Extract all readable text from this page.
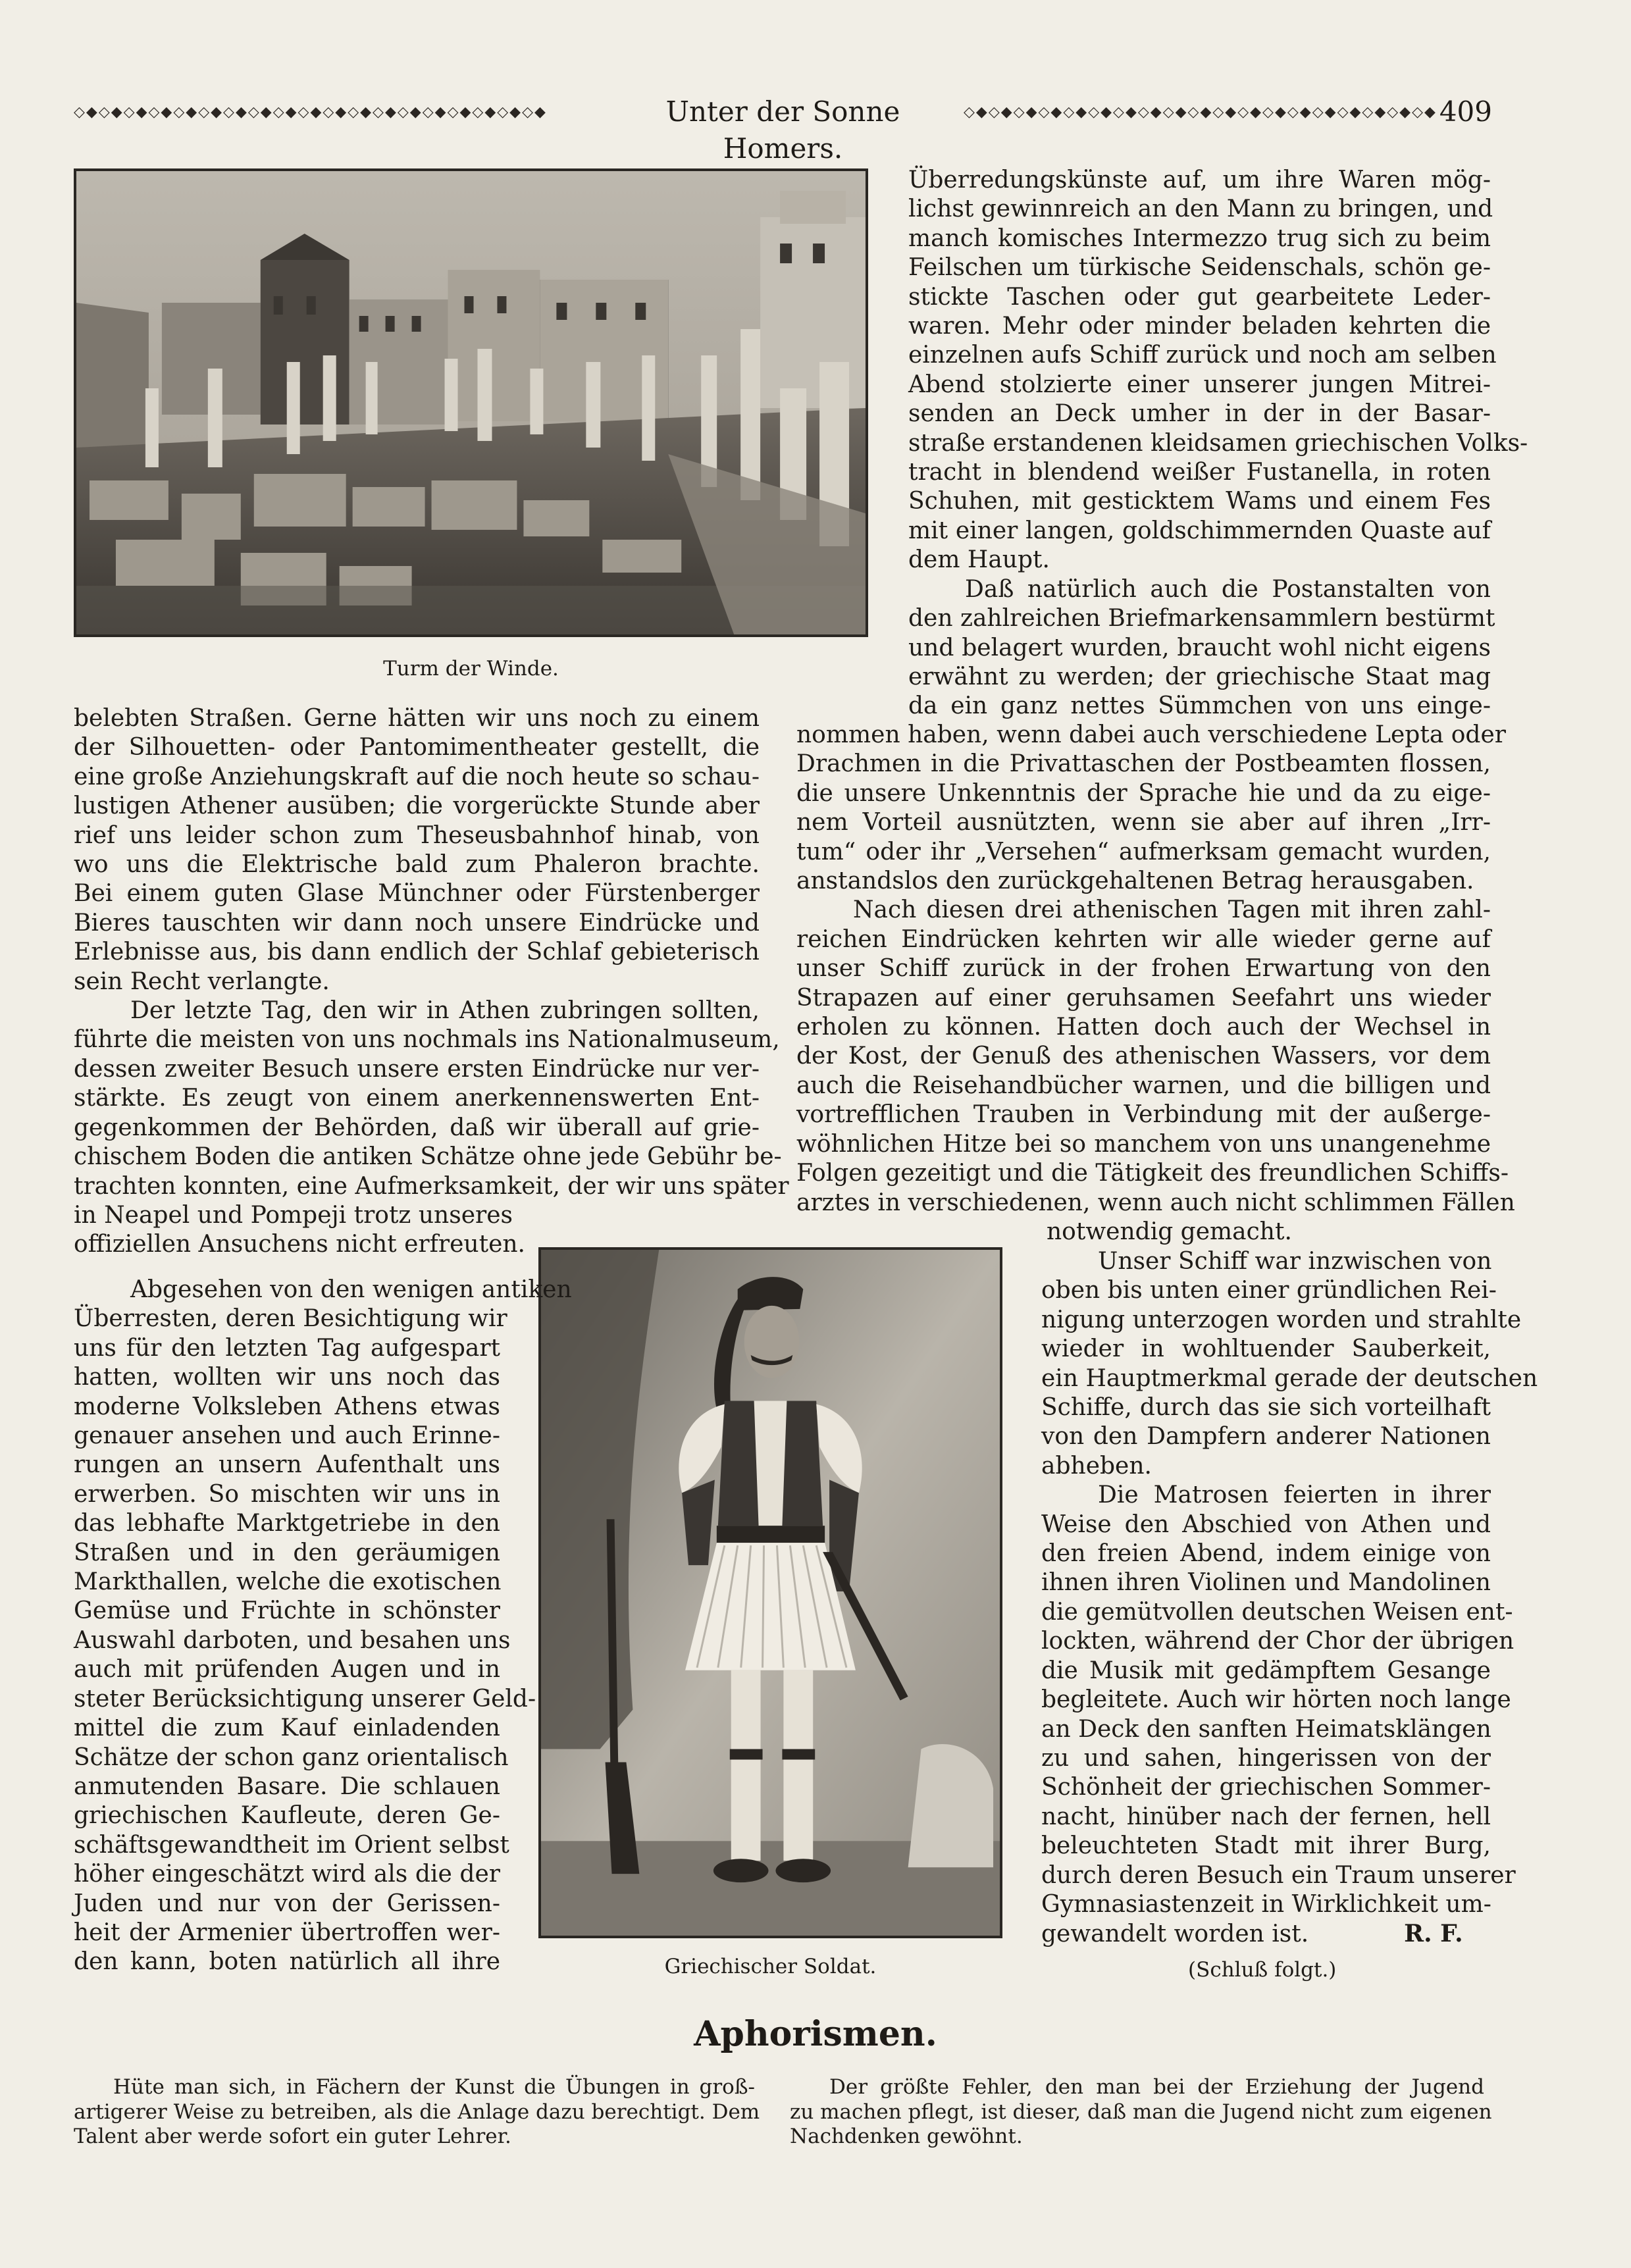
◇◆◇◆◇◆◇◆◇◆◇◆◇◆◇◆◇◆◇◆◇◆◇◆◇◆◇◆◇◆◇◆◇◆◇◆◇◆	Unter der Sonne Homers.
◇◆◇◆◇◆◇◆◇◆◇◆◇◆◇◆◇◆◇◆◇◆◇◆◇◆◇◆◇◆◇◆◇◆◇◆◇◆ 409
Turm der Winde.
Griechischer Soldat.

Überredungskünste auf, um ihre Waren mög-

lichst gewinnreich an den Mann zu bringen, und

manch komisches Intermezzo trug sich zu beim

Feilschen um türkische Seidenschals, schön ge-

stickte Taschen oder gut gearbeitete Leder-

waren. Mehr oder minder beladen kehrten die

einzelnen aufs Schiff zurück und noch am selben

Abend stolzierte einer unserer jungen Mitrei-

senden an Deck umher in der in der Basar-

straße erstandenen kleidsamen griechischen Volks-

tracht in blendend weißer Fustanella, in roten

Schuhen, mit gesticktem Wams und einem Fes

mit einer langen, goldschimmernden Quaste auf

dem Haupt.

Daß natürlich auch die Postanstalten von

den zahlreichen Briefmarkensammlern bestürmt

und belagert wurden, braucht wohl nicht eigens

erwähnt zu werden; der griechische Staat mag

da ein ganz nettes Sümmchen von uns einge-

belebten Straßen. Gerne hätten wir uns noch zu einem

der Silhouetten- oder Pantomimentheater gestellt, die

eine große Anziehungskraft auf die noch heute so schau-

lustigen Athener ausüben; die vorgerückte Stunde aber

rief uns leider schon zum Theseusbahnhof hinab, von

wo uns die Elektrische bald zum Phaleron brachte.

Bei einem guten Glase Münchner oder Fürstenberger

Bieres tauschten wir dann noch unsere Eindrücke und

Erlebnisse aus, bis dann endlich der Schlaf gebieterisch

sein Recht verlangte.

Der letzte Tag, den wir in Athen zubringen sollten,

führte die meisten von uns nochmals ins Nationalmuseum,

dessen zweiter Besuch unsere ersten Eindrücke nur ver-

stärkte. Es zeugt von einem anerkennenswerten Ent-

gegenkommen der Behörden, daß wir überall auf grie-

chischem Boden die antiken Schätze ohne jede Gebühr be-

trachten konnten, eine Aufmerksamkeit, der wir uns später

in Neapel und Pompeji trotz unseres

offiziellen Ansuchens nicht erfreuten.

nommen haben, wenn dabei auch verschiedene Lepta oder

Drachmen in die Privattaschen der Postbeamten flossen,

die unsere Unkenntnis der Sprache hie und da zu eige-

nem Vorteil ausnützten, wenn sie aber auf ihren „Irr-

tum“ oder ihr „Versehen“ aufmerksam gemacht wurden,

anstandslos den zurückgehaltenen Betrag herausgaben.

Nach diesen drei athenischen Tagen mit ihren zahl-

reichen Eindrücken kehrten wir alle wieder gerne auf

unser Schiff zurück in der frohen Erwartung von den

Strapazen auf einer geruhsamen Seefahrt uns wieder

erholen zu können. Hatten doch auch der Wechsel in

der Kost, der Genuß des athenischen Wassers, vor dem

auch die Reisehandbücher warnen, und die billigen und

vortrefflichen Trauben in Verbindung mit der außerge-

wöhnlichen Hitze bei so manchem von uns unangenehme

Folgen gezeitigt und die Tätigkeit des freundlichen Schiffs-

arztes in verschiedenen, wenn auch nicht schlimmen Fällen

notwendig gemacht.

Abgesehen von den wenigen antiken

Überresten, deren Besichtigung wir

uns für den letzten Tag aufgespart

hatten, wollten wir uns noch das

moderne Volksleben Athens etwas

genauer ansehen und auch Erinne-

rungen an unsern Aufenthalt uns

erwerben. So mischten wir uns in

das lebhafte Marktgetriebe in den

Straßen und in den geräumigen

Markthallen, welche die exotischen

Gemüse und Früchte in schönster

Auswahl darboten, und besahen uns

auch mit prüfenden Augen und in

steter Berücksichtigung unserer Geld-

mittel die zum Kauf einladenden

Schätze der schon ganz orientalisch

anmutenden Basare. Die schlauen

griechischen Kaufleute, deren Ge-

schäftsgewandtheit im Orient selbst

höher eingeschätzt wird als die der

Juden und nur von der Gerissen-

heit der Armenier übertroffen wer-

den kann, boten natürlich all ihre

Unser Schiff war inzwischen von

oben bis unten einer gründlichen Rei-

nigung unterzogen worden und strahlte

wieder in wohltuender Sauberkeit,

ein Hauptmerkmal gerade der deutschen

Schiffe, durch das sie sich vorteilhaft

von den Dampfern anderer Nationen

abheben.

Die Matrosen feierten in ihrer

Weise den Abschied von Athen und

den freien Abend, indem einige von

ihnen ihren Violinen und Mandolinen

die gemütvollen deutschen Weisen ent-

lockten, während der Chor der übrigen

die Musik mit gedämpftem Gesange

begleitete. Auch wir hörten noch lange

an Deck den sanften Heimatsklängen

zu und sahen, hingerissen von der

Schönheit der griechischen Sommer-

nacht, hinüber nach der fernen, hell

beleuchteten Stadt mit ihrer Burg,

durch deren Besuch ein Traum unserer

Gymnasiastenzeit in Wirklichkeit um-

gewandelt worden ist.	R. F.

(Schluß folgt.)
Aphorismen.

Hüte man sich, in Fächern der Kunst die Übungen in groß-

artigerer Weise zu betreiben, als die Anlage dazu berechtigt. Dem

Talent aber werde sofort ein guter Lehrer.

Der größte Fehler, den man bei der Erziehung der Jugend

zu machen pflegt, ist dieser, daß man die Jugend nicht zum eigenen

Nachdenken gewöhnt.
